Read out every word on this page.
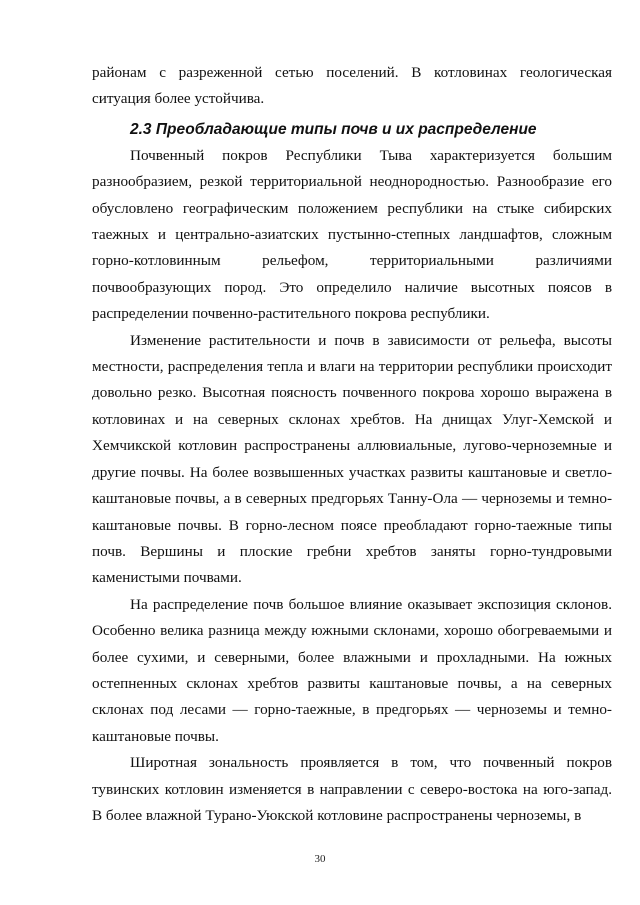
районам с разреженной сетью поселений. В котловинах геологическая ситуация более устойчива.

2.3 Преобладающие типы почв и их распределение

Почвенный покров Республики Тыва характеризуется большим разнообразием, резкой территориальной неоднородностью. Разнообразие его обусловлено географическим положением республики на стыке сибирских таежных и центрально-азиатских пустынно-степных ландшафтов, сложным горно-котловинным рельефом, территориальными различиями почвообразующих пород. Это определило наличие высотных поясов в распределении почвенно-растительного покрова республики.

Изменение растительности и почв в зависимости от рельефа, высоты местности, распределения тепла и влаги на территории республики происходит довольно резко. Высотная поясность почвенного покрова хорошо выражена в котловинах и на северных склонах хребтов. На днищах Улуг-Хемской и Хемчикской котловин распространены аллювиальные, лугово-черноземные и другие почвы. На более возвышенных участках развиты каштановые и светло-каштановые почвы, а в северных предгорьях Танну-Ола — черноземы и темно-каштановые почвы. В горно-лесном поясе преобладают горно-таежные типы почв. Вершины и плоские гребни хребтов заняты горно-тундровыми каменистыми почвами.

На распределение почв большое влияние оказывает экспозиция склонов. Особенно велика разница между южными склонами, хорошо обогреваемыми и более сухими, и северными, более влажными и прохладными. На южных остепненных склонах хребтов развиты каштановые почвы, а на северных склонах под лесами — горно-таежные, в предгорьях — черноземы и темно-каштановые почвы.

Широтная зональность проявляется в том, что почвенный покров тувинских котловин изменяется в направлении с северо-востока на юго-запад. В более влажной Турано-Уюкской котловине распространены черноземы, в

30
